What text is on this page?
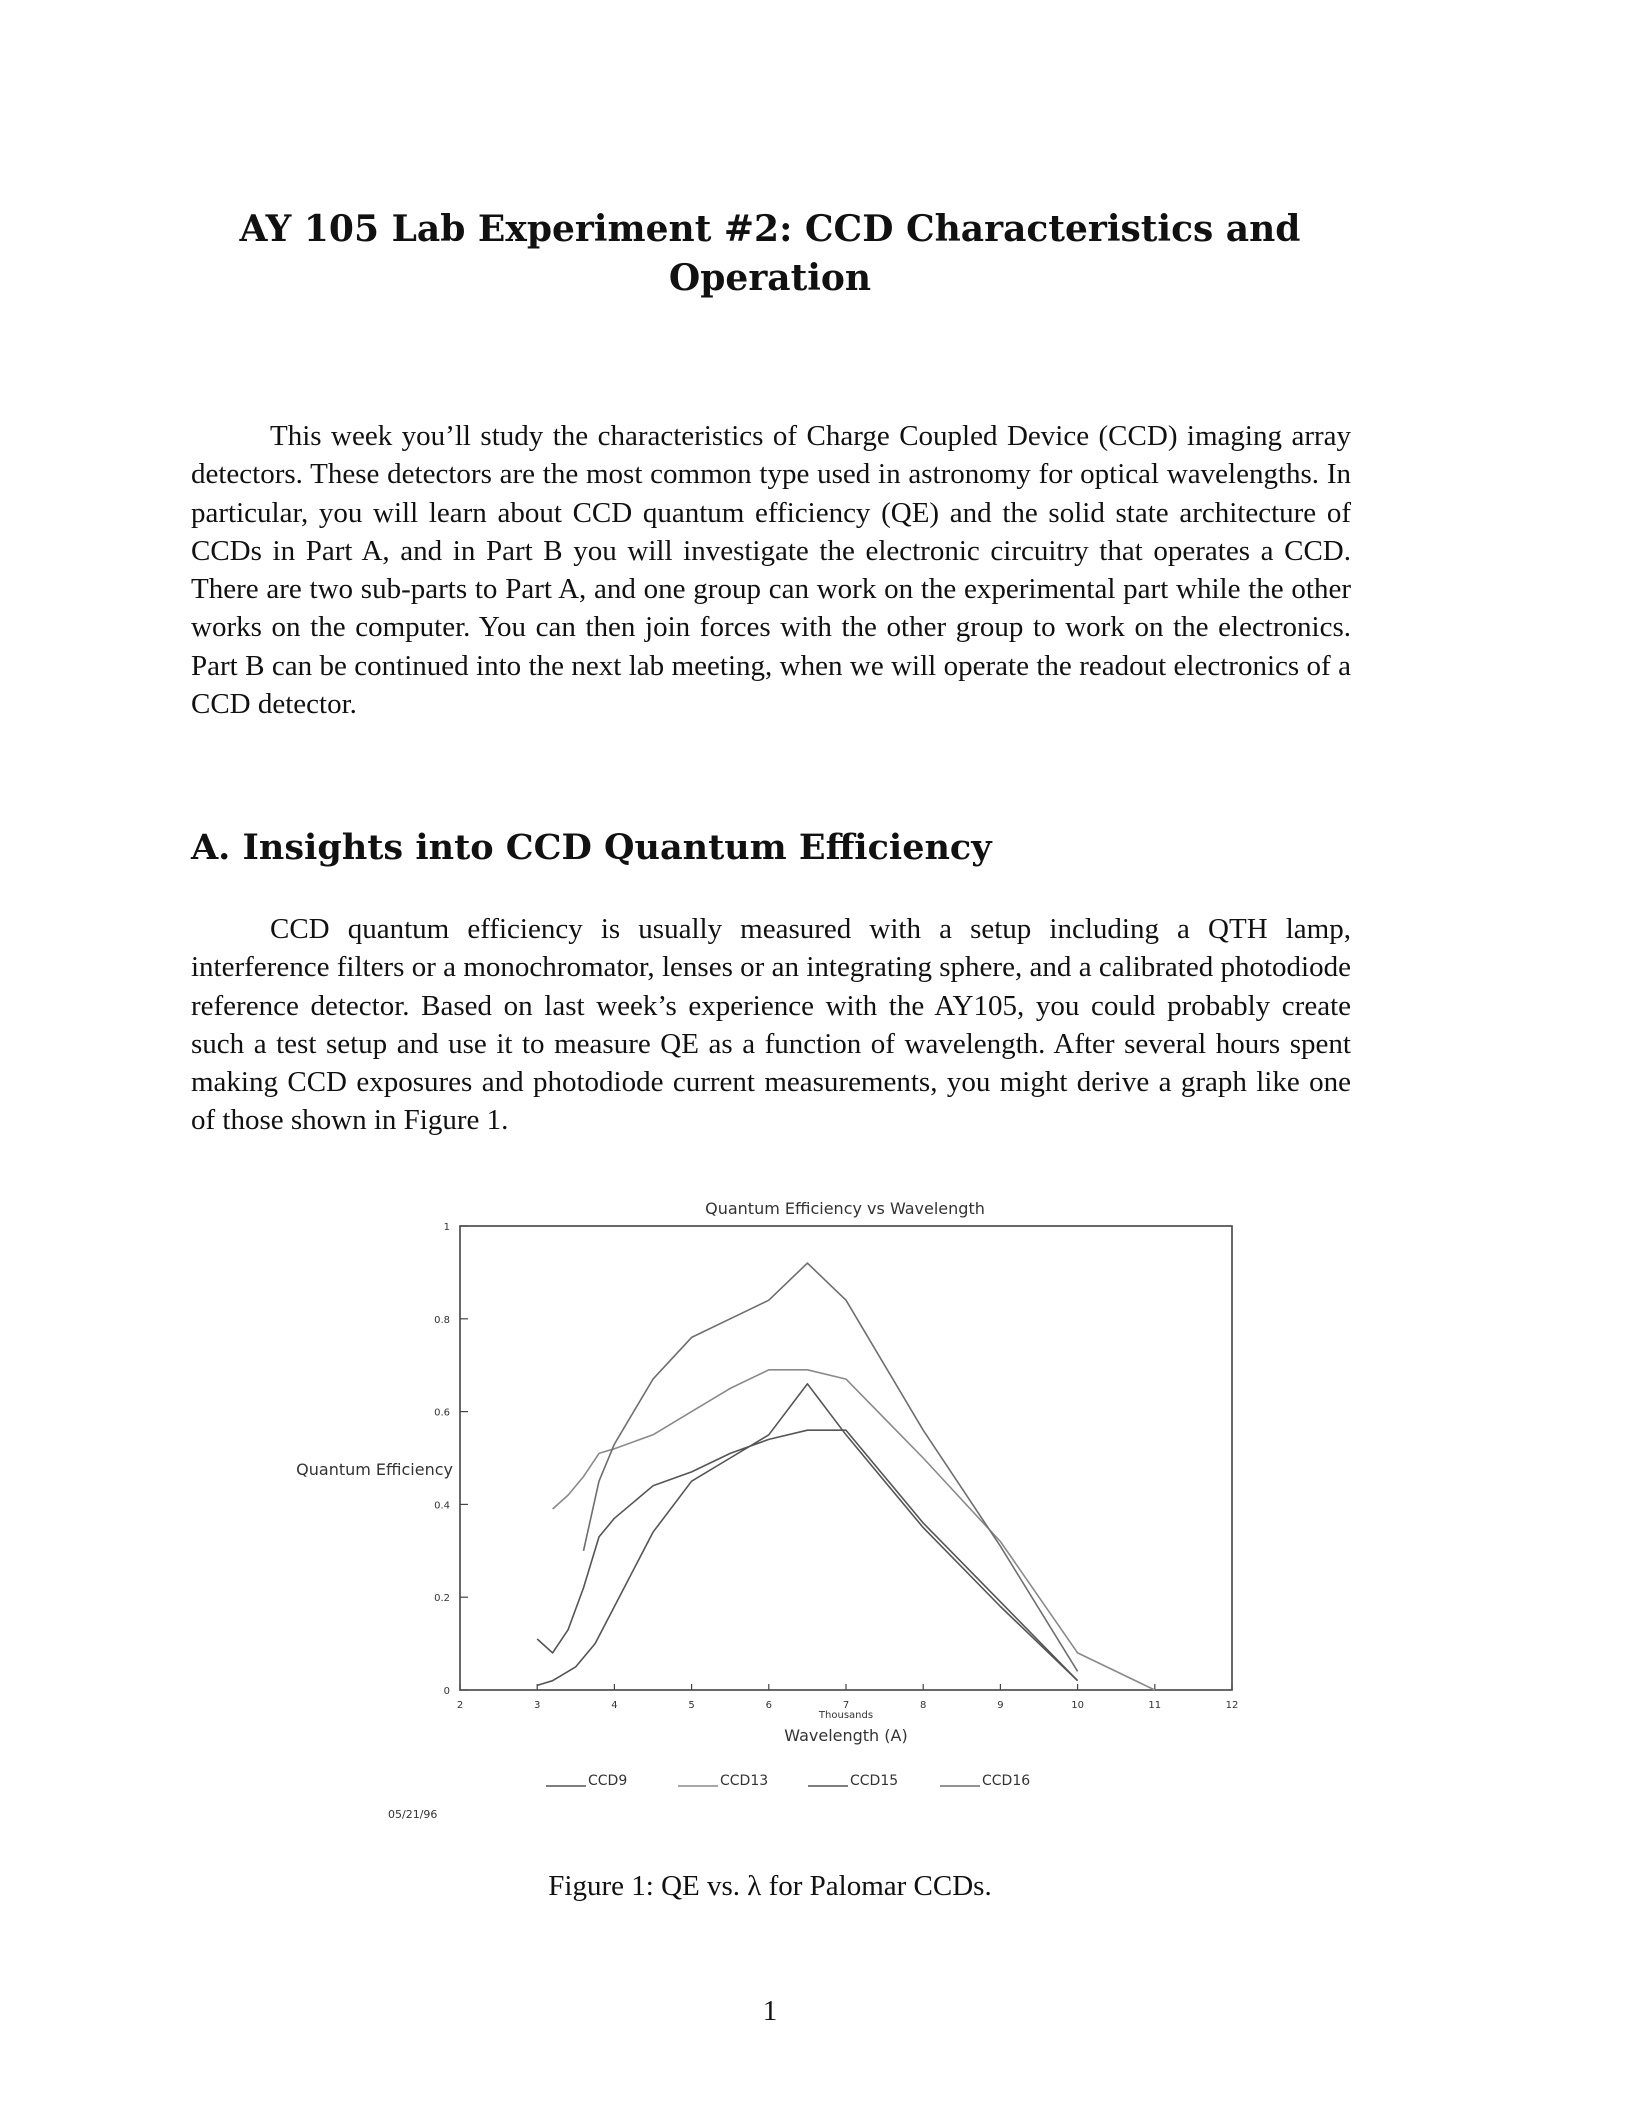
AY 105 Lab Experiment #2: CCD Characteristics and
Operation

This week you’ll study the characteristics of Charge Coupled Device (CCD) imaging array detectors. These detectors are the most common type used in astronomy for optical wavelengths. In particular, you will learn about CCD quantum efficiency (QE) and the solid state architecture of CCDs in Part A, and in Part B you will investigate the electronic circuitry that operates a CCD. There are two sub-parts to Part A, and one group can work on the experimental part while the other works on the computer. You can then join forces with the other group to work on the electronics. Part B can be continued into the next lab meeting, when we will operate the readout electronics of a CCD detector.

A. Insights into CCD Quantum Efficiency

CCD quantum efficiency is usually measured with a setup including a QTH lamp, interference filters or a monochromator, lenses or an integrating sphere, and a calibrated photodiode reference detector. Based on last week’s experience with the AY105, you could probably create such a test setup and use it to measure QE as a function of wavelength. After several hours spent making CCD exposures and photodiode current measurements, you might derive a graph like one of those shown in Figure 1.

Quantum Efficiency vs Wavelength
Quantum Efficiency
Thousands
Wavelength (A)
05/21/96
0
0.2
0.4
0.6
0.8
1
2	3	4	5	6	7	8	9	10	11	12
CCD9	CCD13	CCD15	CCD16

Figure 1: QE vs. λ for Palomar CCDs.

1
